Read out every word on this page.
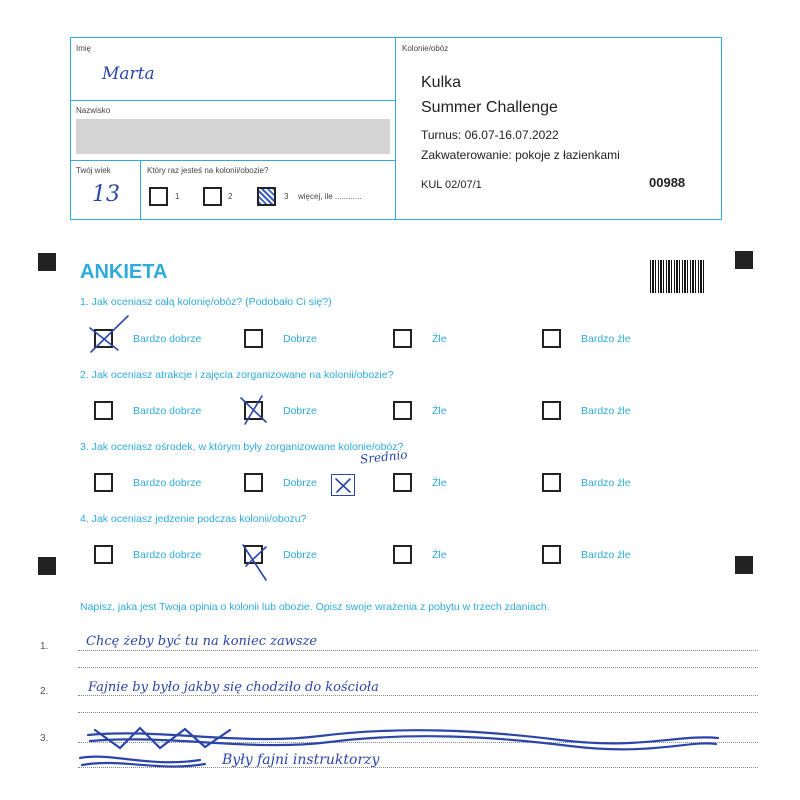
Imię
Marta
Nazwisko
Twój wiek
13
Który raz jesteś na kolonii/obozie?
1	2	3 więcej, ile ............
Kolonie/obóz
Kulka
Summer Challenge
Turnus: 06.07-16.07.2022
Zakwaterowanie: pokoje z łazienkami
KUL 02/07/1	00988
ANKIETA
1. Jak oceniasz całą kolonię/obóz? (Podobało Ci się?)
Bardzo dobrze	Dobrze	Źle	Bardzo źle
2. Jak oceniasz atrakcje i zajęcia zorganizowane na kolonii/obozie?
Bardzo dobrze	Dobrze	Źle	Bardzo źle
3. Jak oceniasz ośrodek, w którym były zorganizowane kolonie/obóz?
Bardzo dobrze	Dobrze	Źle	Bardzo źle
Srednio
4. Jak oceniasz jedzenie podczas kolonii/obozu?
Bardzo dobrze	Dobrze	Źle	Bardzo źle
Napisz, jaka jest Twoja opinia o kolonii lub obozie. Opisz swoje wrażenia z pobytu w trzech zdaniach.
1.	Chcę żeby być tu na koniec zawsze
2.	Fajnie by było jakby się chodziło do kościoła
3.
Były fajni instruktorzy
